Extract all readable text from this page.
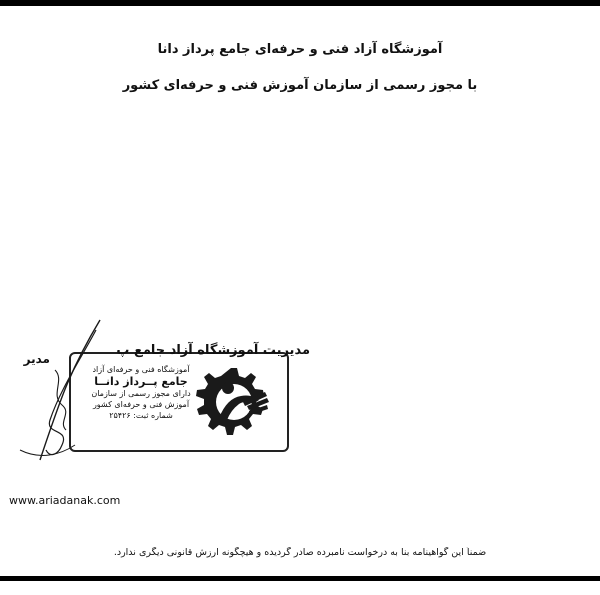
آموزشگاه آزاد فنی و حرفه‌ای جامع پرداز دانا
با مجوز رسمی از سازمان آموزش فنی و حرفه‌ای کشور
آموزشگاه فنی و حرفه‌ای آزاد
جامع پــرداز دانــا
دارای مجوز رسمی از سازمان
آموزش فنی و حرفه‌ای کشور
شماره ثبت: ۲۵۴۲۶
مدیر
مدیریت آموزشگاه آزاد جامع پ

www.ariadanak.com
ضمناً این گواهینامه بنا به درخواست نامبرده صادر گردیده و هیچگونه ارزش قانونی دیگری ندارد.
